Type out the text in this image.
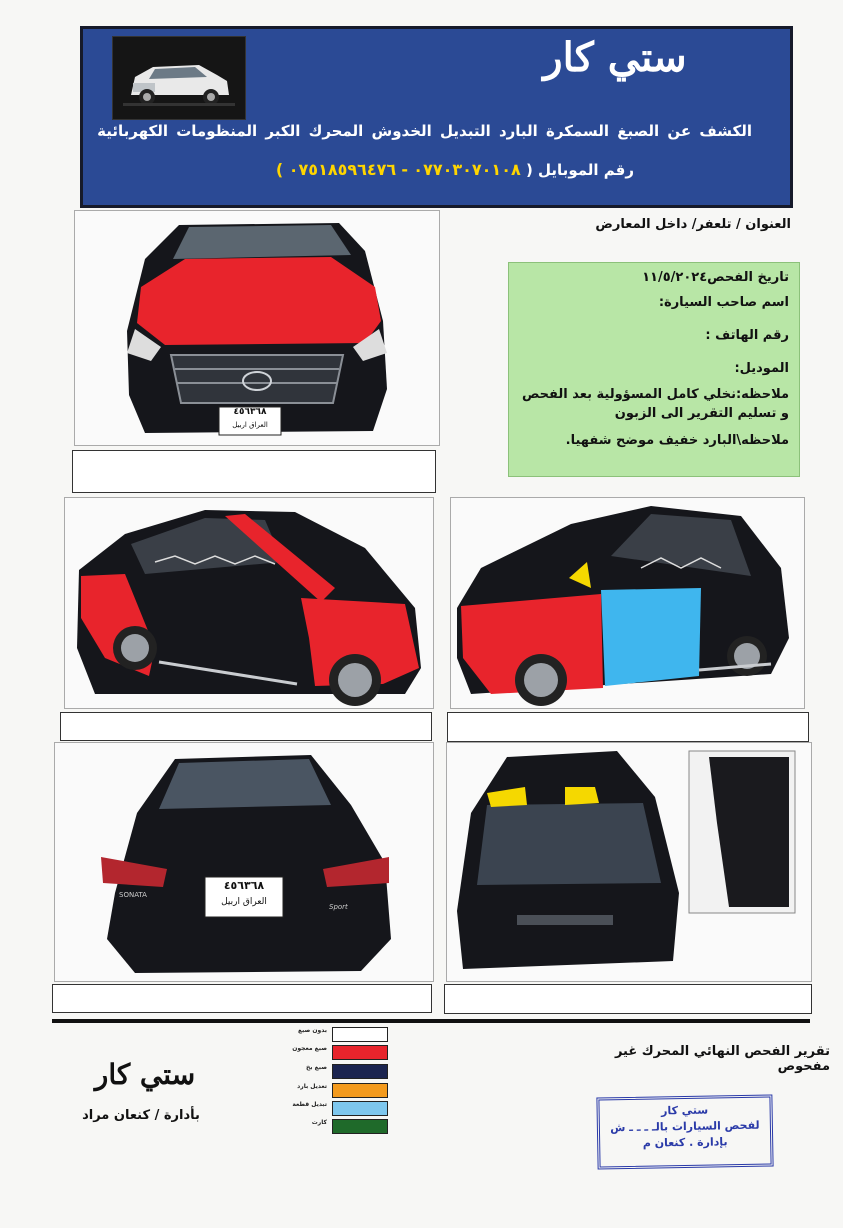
ستي كار
الكشف عن الصبغ السمكرة البارد التبديل الخدوش المحرك الكبر المنظومات الكهربائية
رقم الموبايل ( ٠٧٧٠٣٠٧٠١٠٨ - ٠٧٥١٨٥٩٦٤٧٦ )
العنوان / تلعفر/ داخل المعارض
٤٥٦٣٦٨
العراق اربيل
تاريخ الفحص١١/٥/٢٠٢٤
اسم صاحب السيارة:
رقم الهاتف :
الموديل:
ملاحظه:نخلي كامل المسؤولية بعد الفحص و تسليم التقرير الى الزبون
ملاحظه\البارد خفيف موضح شفهيا.
٤٥٦٣٦٨
العراق اربيل
SONATA
Sport
تقرير الفحص النهائي المحرك غير مفحوص
ستي كار
بأدارة / كنعان مراد
بدون صبغ
صبغ معجون
صبغ بخ
تعديل بارد
تبديل قطعة
كارت
ستي كار
لفحص السيارات بالـ ـ ـ ـ ش
بإدارة . كنعان م
